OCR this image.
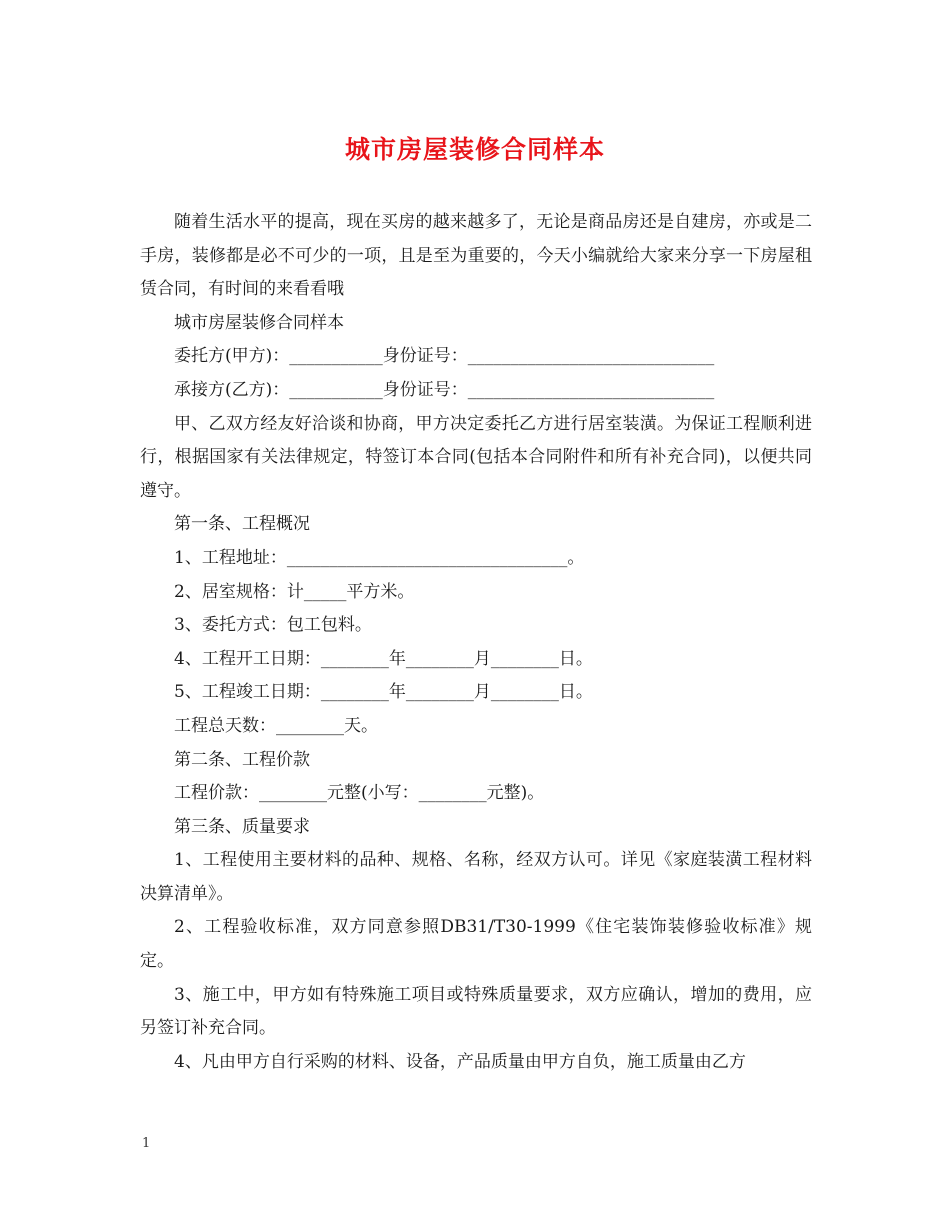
城市房屋装修合同样本

随着生活水平的提高，现在买房的越来越多了，无论是商品房还是自建房，亦或是二手房，装修都是必不可少的一项，且是至为重要的，今天小编就给大家来分享一下房屋租赁合同，有时间的来看看哦

城市房屋装修合同样本

委托方(甲方)：___________身份证号：_____________________________

承接方(乙方)：___________身份证号：_____________________________

甲、乙双方经友好洽谈和协商，甲方决定委托乙方进行居室装潢。为保证工程顺利进行，根据国家有关法律规定，特签订本合同(包括本合同附件和所有补充合同)，以便共同遵守。

第一条、工程概况

1、工程地址：_________________________________。

2、居室规格：计_____平方米。

3、委托方式：包工包料。

4、工程开工日期：________年________月________日。

5、工程竣工日期：________年________月________日。

工程总天数：________天。

第二条、工程价款

工程价款：________元整(小写：________元整)。

第三条、质量要求

1、工程使用主要材料的品种、规格、名称，经双方认可。详见《家庭装潢工程材料决算清单》。

2、工程验收标准，双方同意参照DB31/T30-1999《住宅装饰装修验收标准》规定。

3、施工中，甲方如有特殊施工项目或特殊质量要求，双方应确认，增加的费用，应另签订补充合同。

4、凡由甲方自行采购的材料、设备，产品质量由甲方自负，施工质量由乙方

1
